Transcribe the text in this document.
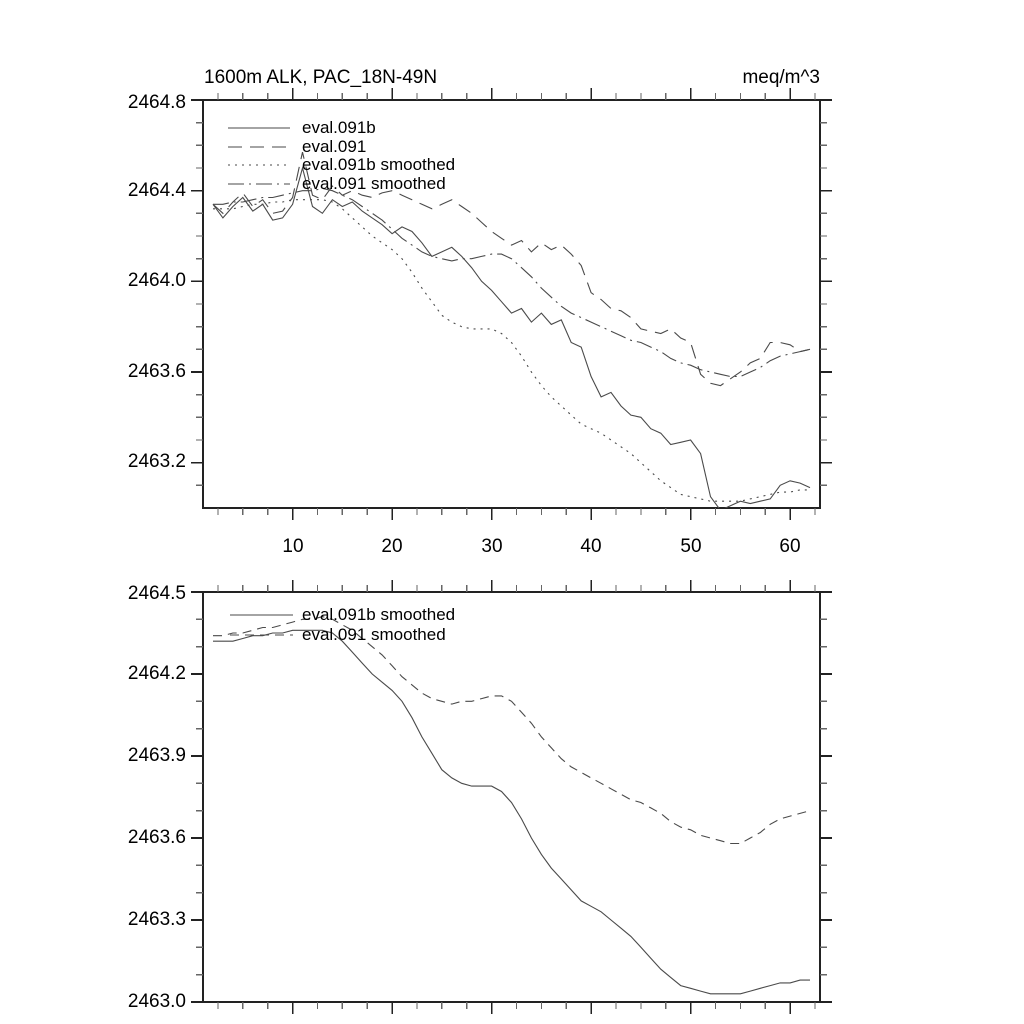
1600m ALK, PAC_18N-49N	meq/m^3
2464.8
2464.4
2464.0
2463.6
2463.2
10	20	30	40	50	60
eval.091b
eval.091
eval.091b smoothed
eval.091 smoothed
2464.5
2464.2
2463.9
2463.6
2463.3
2463.0
eval.091b smoothed
eval.091 smoothed
